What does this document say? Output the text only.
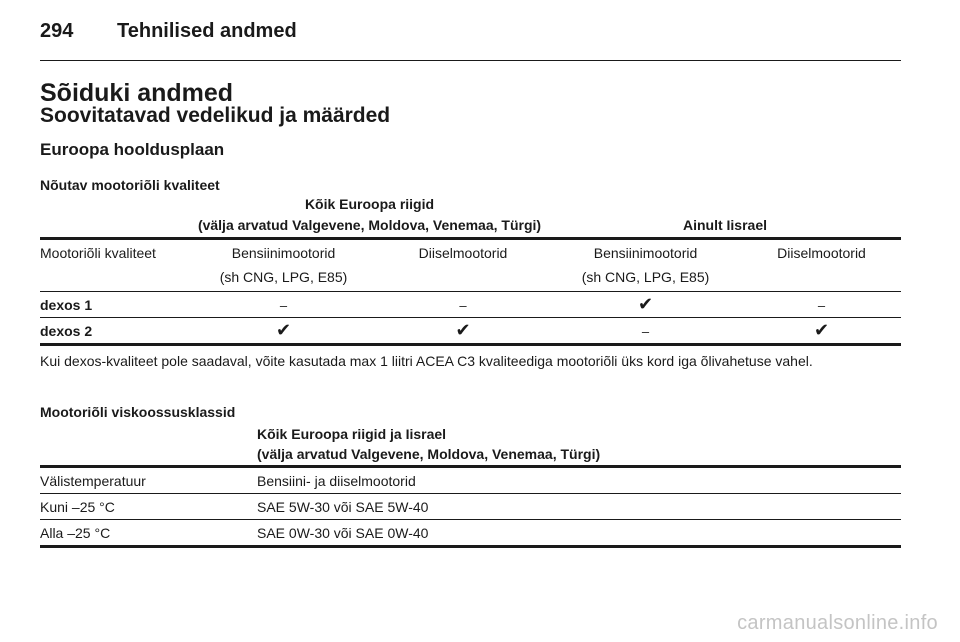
294 Tehnilised andmed
Sõiduki andmed
Soovitatavad vedelikud ja määrded
Euroopa hooldusplaan
Nõutav mootoriõli kvaliteet
	Kõik Euroopa riigid			
	(välja arvatud Valgevene, Moldova, Venemaa, Türgi)		Ainult Iisrael	
Mootoriõli kvaliteet	Bensiinimootorid	Diiselmootorid	Bensiinimootorid	Diiselmootorid
	(sh CNG, LPG, E85)		(sh CNG, LPG, E85)	
dexos 1	–	–	✔	–
dexos 2	✔	✔	–	✔
Kui dexos-kvaliteet pole saadaval, võite kasutada max 1 liitri ACEA C3 kvaliteediga mootoriõli üks kord iga õlivahetuse vahel.
Mootoriõli viskoossusklassid
	Kõik Euroopa riigid ja Iisrael
	(välja arvatud Valgevene, Moldova, Venemaa, Türgi)
Välistemperatuur	Bensiini- ja diiselmootorid
Kuni –25 °C	SAE 5W-30 või SAE 5W-40
Alla –25 °C	SAE 0W-30 või SAE 0W-40
carmanualsonline.info
